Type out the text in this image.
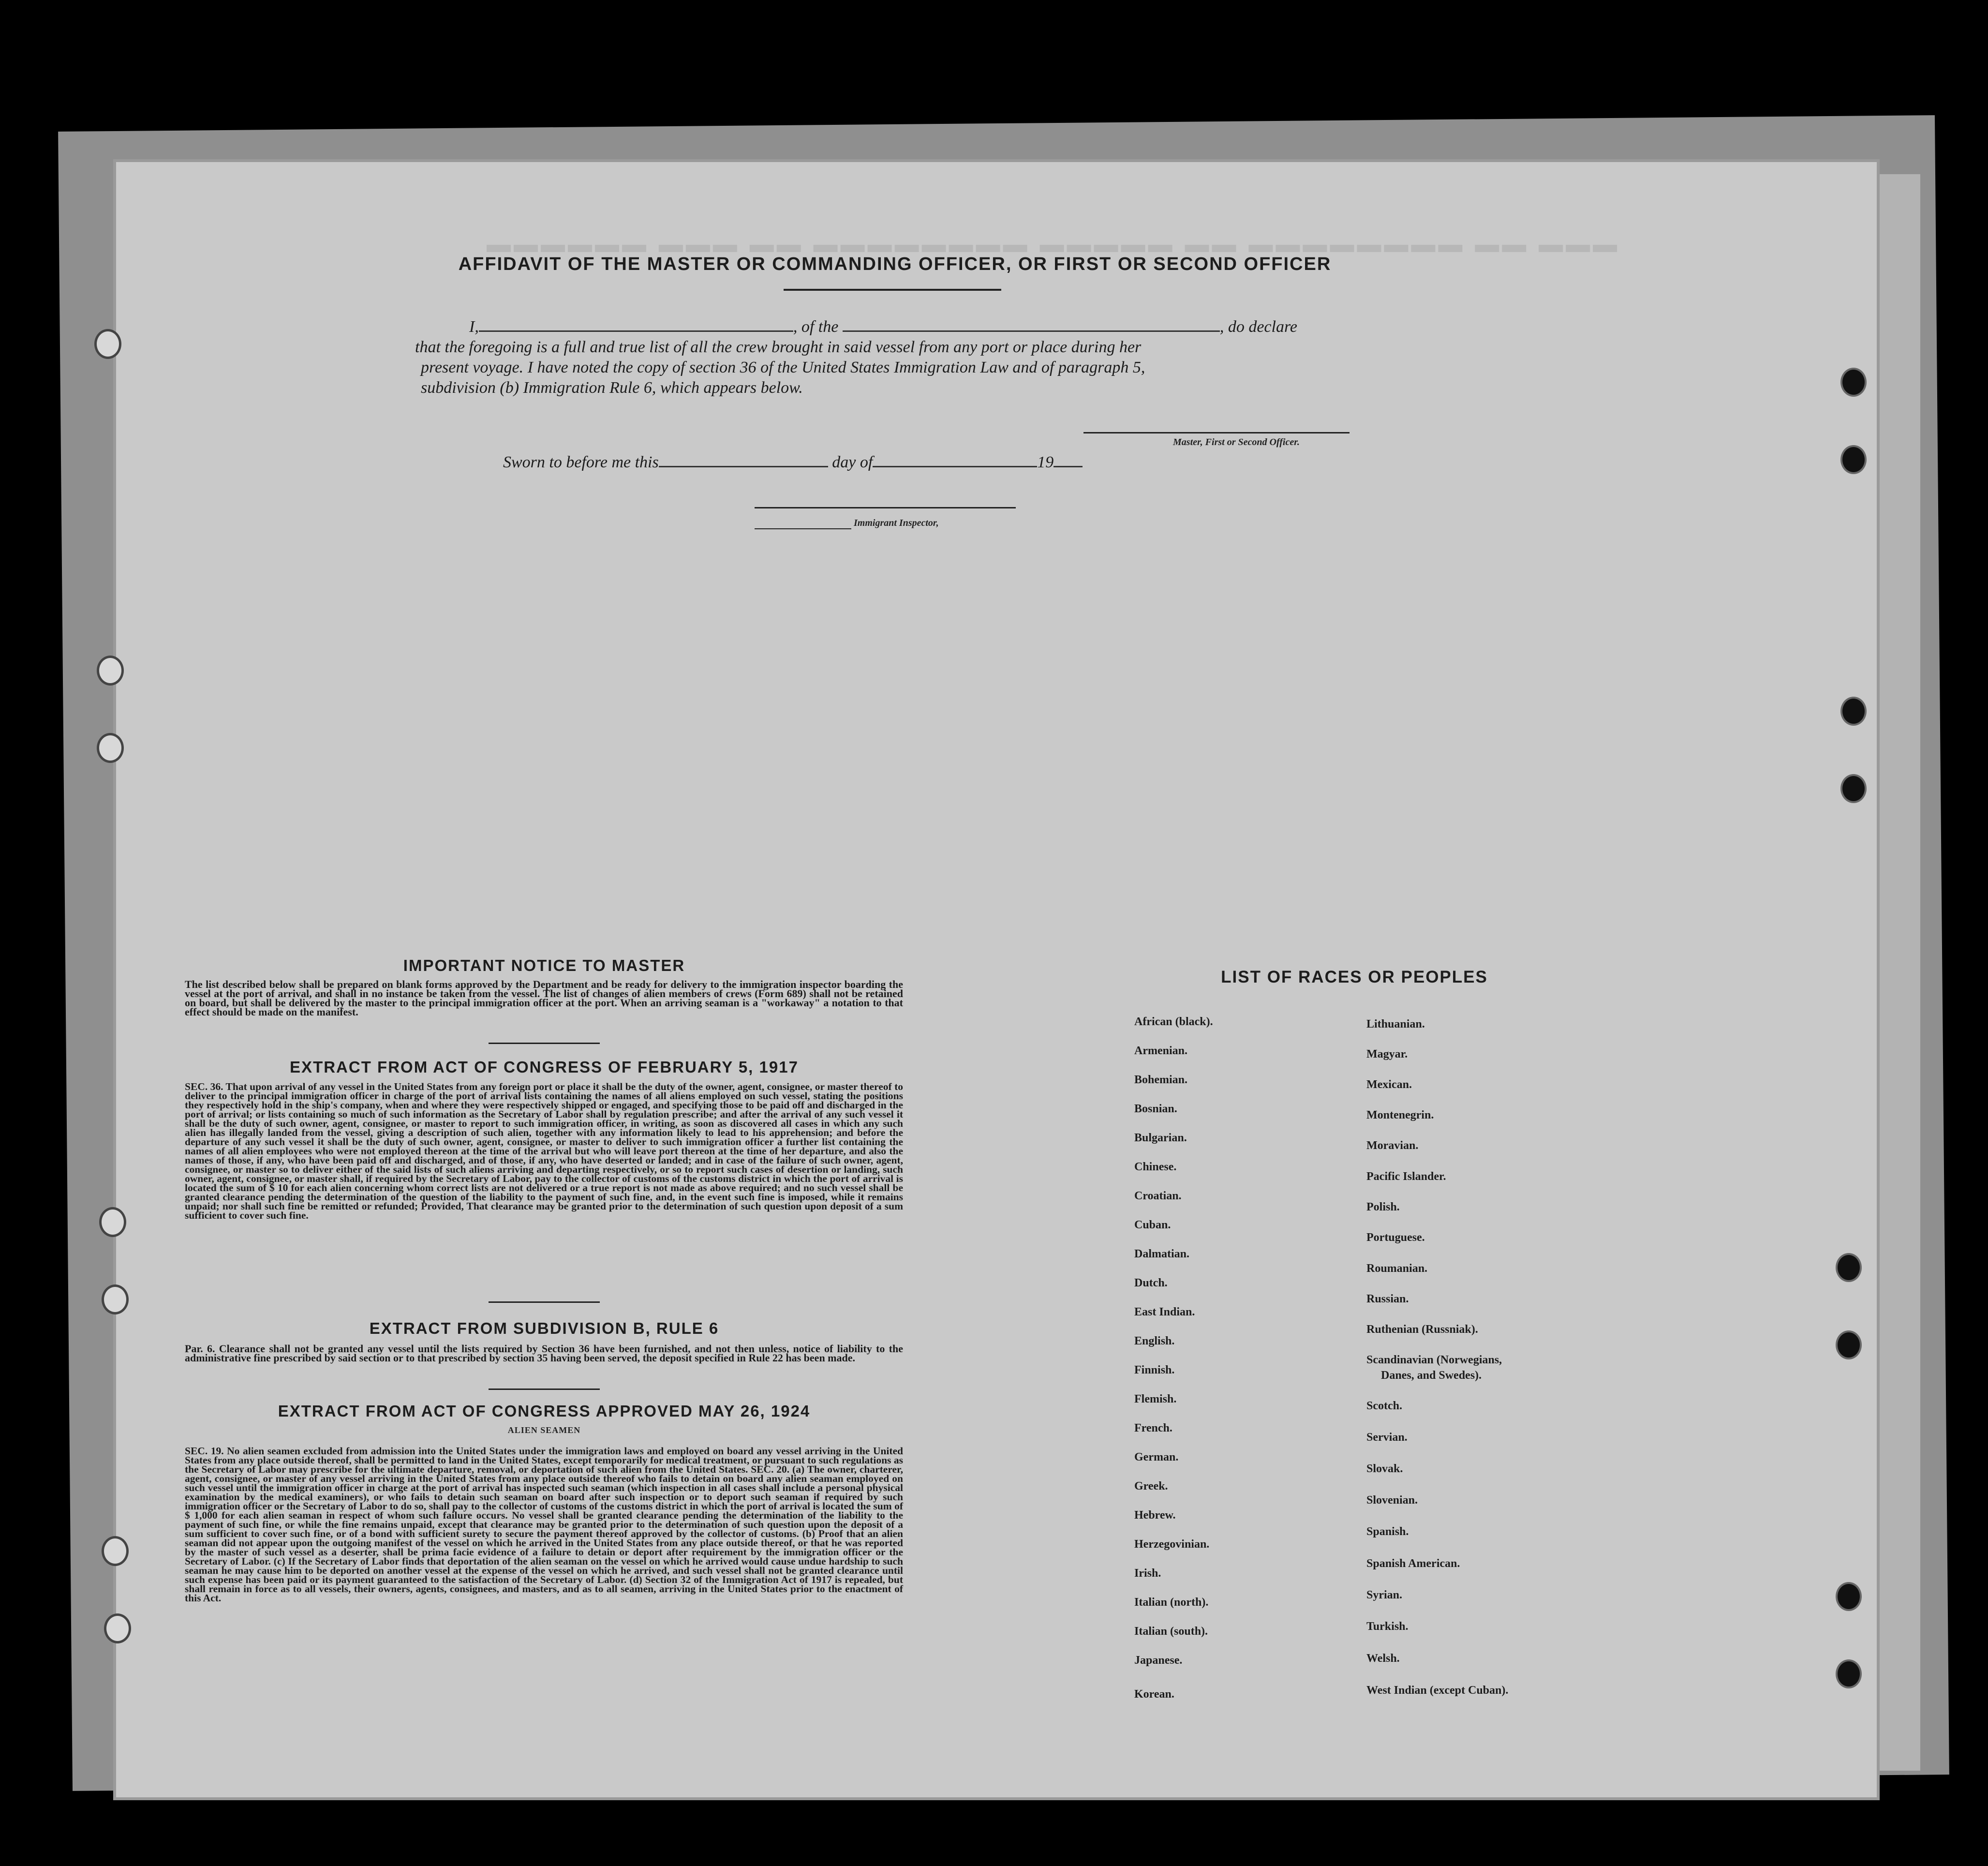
▬▬▬ ▬▬ ▬▬▬▬▬▬▬▬ ▬▬ ▬▬▬▬▬ ▬▬▬▬▬▬▬▬ ▬▬ ▬▬▬ ▬▬▬▬▬▬
AFFIDAVIT OF THE MASTER OR COMMANDING OFFICER, OR FIRST OR SECOND OFFICER
I,	, of the	, do declare
that the foregoing is a full and true list of all the crew brought in said vessel from any port or place during her
present voyage. I have noted the copy of section 36 of the United States Immigration Law and of paragraph 5,
subdivision (b) Immigration Rule 6, which appears below.
Master, First or Second Officer.
Sworn to before me this	day of	19
Immigrant Inspector,
IMPORTANT NOTICE TO MASTER
The list described below shall be prepared on blank forms approved by the Department and be ready for delivery to the immigration inspector boarding the vessel at the port of arrival, and shall in no instance be taken from the vessel. The list of changes of alien members of crews (Form 689) shall not be retained on board, but shall be delivered by the master to the principal immigration officer at the port. When an arriving seaman is a "workaway" a notation to that effect should be made on the manifest.
EXTRACT FROM ACT OF CONGRESS OF FEBRUARY 5, 1917
SEC. 36. That upon arrival of any vessel in the United States from any foreign port or place it shall be the duty of the owner, agent, consignee, or master thereof to deliver to the principal immigration officer in charge of the port of arrival lists containing the names of all aliens employed on such vessel, stating the positions they respectively hold in the ship's company, when and where they were respectively shipped or engaged, and specifying those to be paid off and discharged in the port of arrival; or lists containing so much of such information as the Secretary of Labor shall by regulation prescribe; and after the arrival of any such vessel it shall be the duty of such owner, agent, consignee, or master to report to such immigration officer, in writing, as soon as discovered all cases in which any such alien has illegally landed from the vessel, giving a description of such alien, together with any information likely to lead to his apprehension; and before the departure of any such vessel it shall be the duty of such owner, agent, consignee, or master to deliver to such immigration officer a further list containing the names of all alien employees who were not employed thereon at the time of the arrival but who will leave port thereon at the time of her departure, and also the names of those, if any, who have been paid off and discharged, and of those, if any, who have deserted or landed; and in case of the failure of such owner, agent, consignee, or master so to deliver either of the said lists of such aliens arriving and departing respectively, or so to report such cases of desertion or landing, such owner, agent, consignee, or master shall, if required by the Secretary of Labor, pay to the collector of customs of the customs district in which the port of arrival is located the sum of $ 10 for each alien concerning whom correct lists are not delivered or a true report is not made as above required; and no such vessel shall be granted clearance pending the determination of the question of the liability to the payment of such fine, and, in the event such fine is imposed, while it remains unpaid; nor shall such fine be remitted or refunded; Provided, That clearance may be granted prior to the determination of such question upon deposit of a sum sufficient to cover such fine.
EXTRACT FROM SUBDIVISION B, RULE 6
Par. 6. Clearance shall not be granted any vessel until the lists required by Section 36 have been furnished, and not then unless, notice of liability to the administrative fine prescribed by said section or to that prescribed by section 35 having been served, the deposit specified in Rule 22 has been made.
EXTRACT FROM ACT OF CONGRESS APPROVED MAY 26, 1924
ALIEN SEAMEN
SEC. 19. No alien seamen excluded from admission into the United States under the immigration laws and employed on board any vessel arriving in the United States from any place outside thereof, shall be permitted to land in the United States, except temporarily for medical treatment, or pursuant to such regulations as the Secretary of Labor may prescribe for the ultimate departure, removal, or deportation of such alien from the United States. SEC. 20. (a) The owner, charterer, agent, consignee, or master of any vessel arriving in the United States from any place outside thereof who fails to detain on board any alien seaman employed on such vessel until the immigration officer in charge at the port of arrival has inspected such seaman (which inspection in all cases shall include a personal physical examination by the medical examiners), or who fails to detain such seaman on board after such inspection or to deport such seaman if required by such immigration officer or the Secretary of Labor to do so, shall pay to the collector of customs of the customs district in which the port of arrival is located the sum of $ 1,000 for each alien seaman in respect of whom such failure occurs. No vessel shall be granted clearance pending the determination of the liability to the payment of such fine, or while the fine remains unpaid, except that clearance may be granted prior to the determination of such question upon the deposit of a sum sufficient to cover such fine, or of a bond with sufficient surety to secure the payment thereof approved by the collector of customs. (b) Proof that an alien seaman did not appear upon the outgoing manifest of the vessel on which he arrived in the United States from any place outside thereof, or that he was reported by the master of such vessel as a deserter, shall be prima facie evidence of a failure to detain or deport after requirement by the immigration officer or the Secretary of Labor. (c) If the Secretary of Labor finds that deportation of the alien seaman on the vessel on which he arrived would cause undue hardship to such seaman he may cause him to be deported on another vessel at the expense of the vessel on which he arrived, and such vessel shall not be granted clearance until such expense has been paid or its payment guaranteed to the satisfaction of the Secretary of Labor. (d) Section 32 of the Immigration Act of 1917 is repealed, but shall remain in force as to all vessels, their owners, agents, consignees, and masters, and as to all seamen, arriving in the United States prior to the enactment of this Act.
LIST OF RACES OR PEOPLES
African (black).
Armenian.
Bohemian.
Bosnian.
Bulgarian.
Chinese.
Croatian.
Cuban.
Dalmatian.
Dutch.
East Indian.
English.
Finnish.
Flemish.
French.
German.
Greek.
Hebrew.
Herzegovinian.
Irish.
Italian (north).
Italian (south).
Japanese.
Korean.
Lithuanian.
Magyar.
Mexican.
Montenegrin.
Moravian.
Pacific Islander.
Polish.
Portuguese.
Roumanian.
Russian.
Ruthenian (Russniak).
Scandinavian (Norwegians,
Danes, and Swedes).
Scotch.
Servian.
Slovak.
Slovenian.
Spanish.
Spanish American.
Syrian.
Turkish.
Welsh.
West Indian (except Cuban).
